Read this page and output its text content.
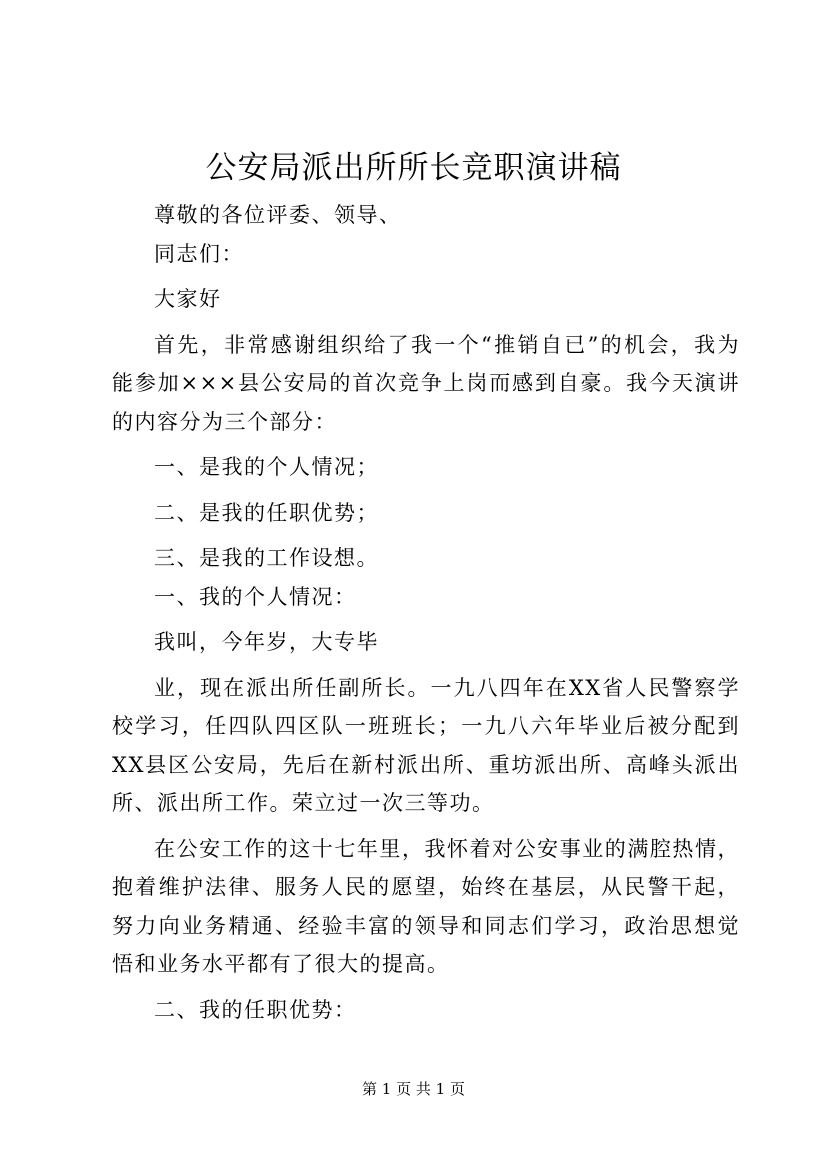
公安局派出所所长竞职演讲稿

尊敬的各位评委、领导、

同志们：

大家好

首先，非常感谢组织给了我一个“推销自已”的机会，我为能参加×××县公安局的首次竞争上岗而感到自豪。我今天演讲的内容分为三个部分：

一、是我的个人情况；

二、是我的任职优势；

三、是我的工作设想。

一、我的个人情况：

我叫，今年岁，大专毕

业，现在派出所任副所长。一九八四年在XX省人民警察学校学习，任四队四区队一班班长；一九八六年毕业后被分配到XX县区公安局，先后在新村派出所、重坊派出所、高峰头派出所、派出所工作。荣立过一次三等功。

在公安工作的这十七年里，我怀着对公安事业的满腔热情，抱着维护法律、服务人民的愿望，始终在基层，从民警干起，努力向业务精通、经验丰富的领导和同志们学习，政治思想觉悟和业务水平都有了很大的提高。

二、我的任职优势：

第 1 页 共 1 页
